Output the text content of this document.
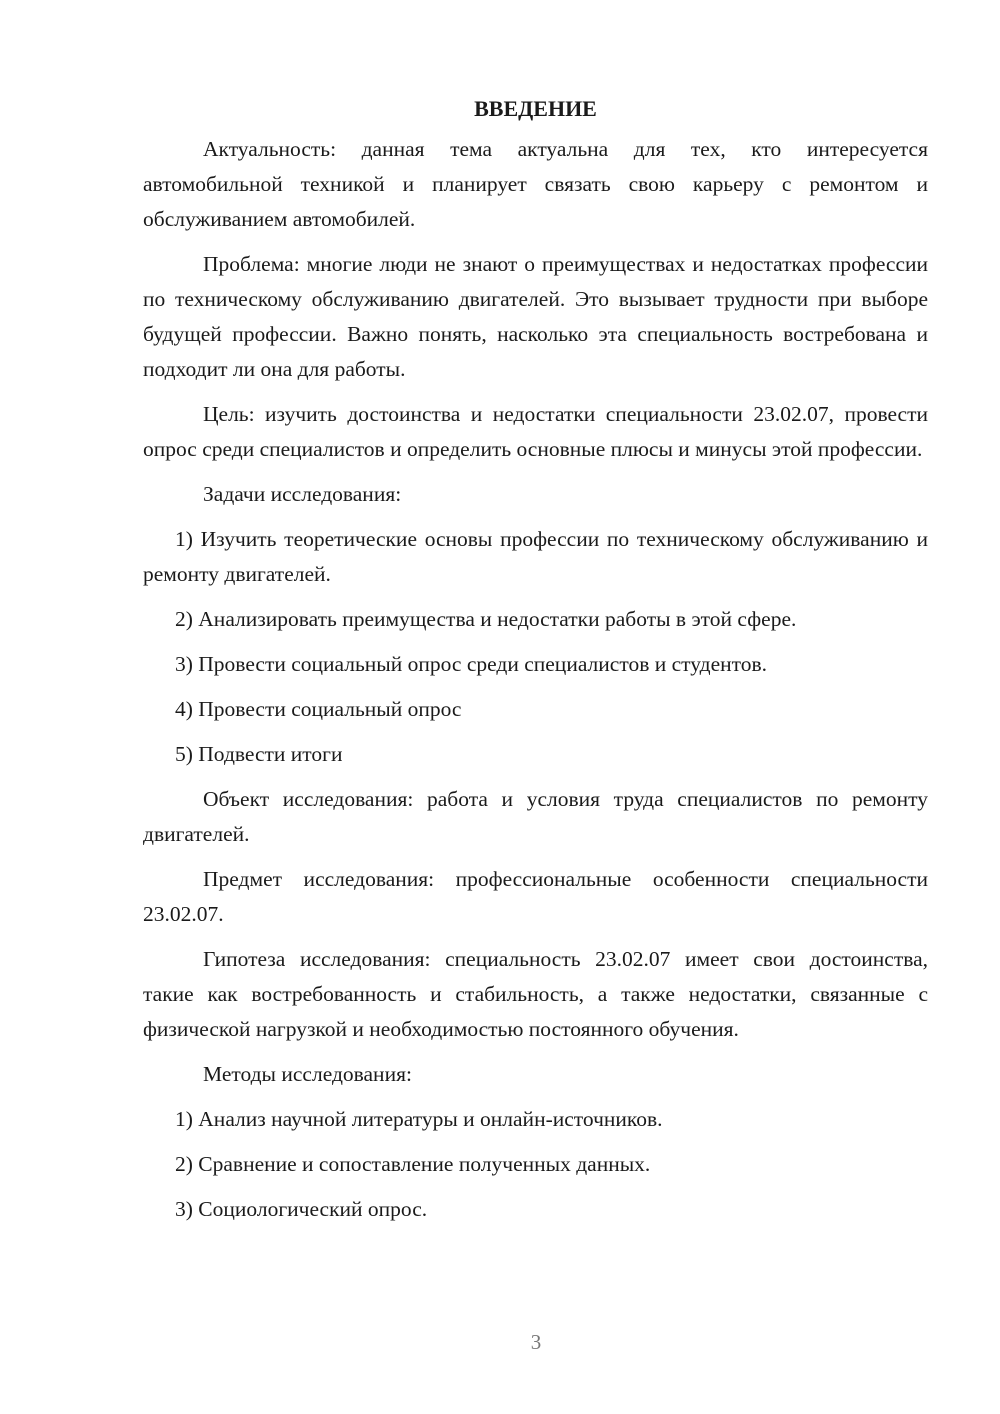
ВВЕДЕНИЕ

Актуальность: данная тема актуальна для тех, кто интересуется автомобильной техникой и планирует связать свою карьеру с ремонтом и обслуживанием автомобилей.

Проблема: многие люди не знают о преимуществах и недостатках профессии по техническому обслуживанию двигателей. Это вызывает трудности при выборе будущей профессии. Важно понять, насколько эта специальность востребована и подходит ли она для работы.

Цель: изучить достоинства и недостатки специальности 23.02.07, провести опрос среди специалистов и определить основные плюсы и минусы этой профессии.

Задачи исследования:

1) Изучить теоретические основы профессии по техническому обслуживанию и ремонту двигателей.

2) Анализировать преимущества и недостатки работы в этой сфере.

3) Провести социальный опрос среди специалистов и студентов.

4) Провести социальный опрос

5) Подвести итоги

Объект исследования: работа и условия труда специалистов по ремонту двигателей.

Предмет исследования: профессиональные особенности специальности 23.02.07.

Гипотеза исследования: специальность 23.02.07 имеет свои достоинства, такие как востребованность и стабильность, а также недостатки, связанные с физической нагрузкой и необходимостью постоянного обучения.

Методы исследования:

1) Анализ научной литературы и онлайн-источников.

2) Сравнение и сопоставление полученных данных.

3) Социологический опрос.

3
